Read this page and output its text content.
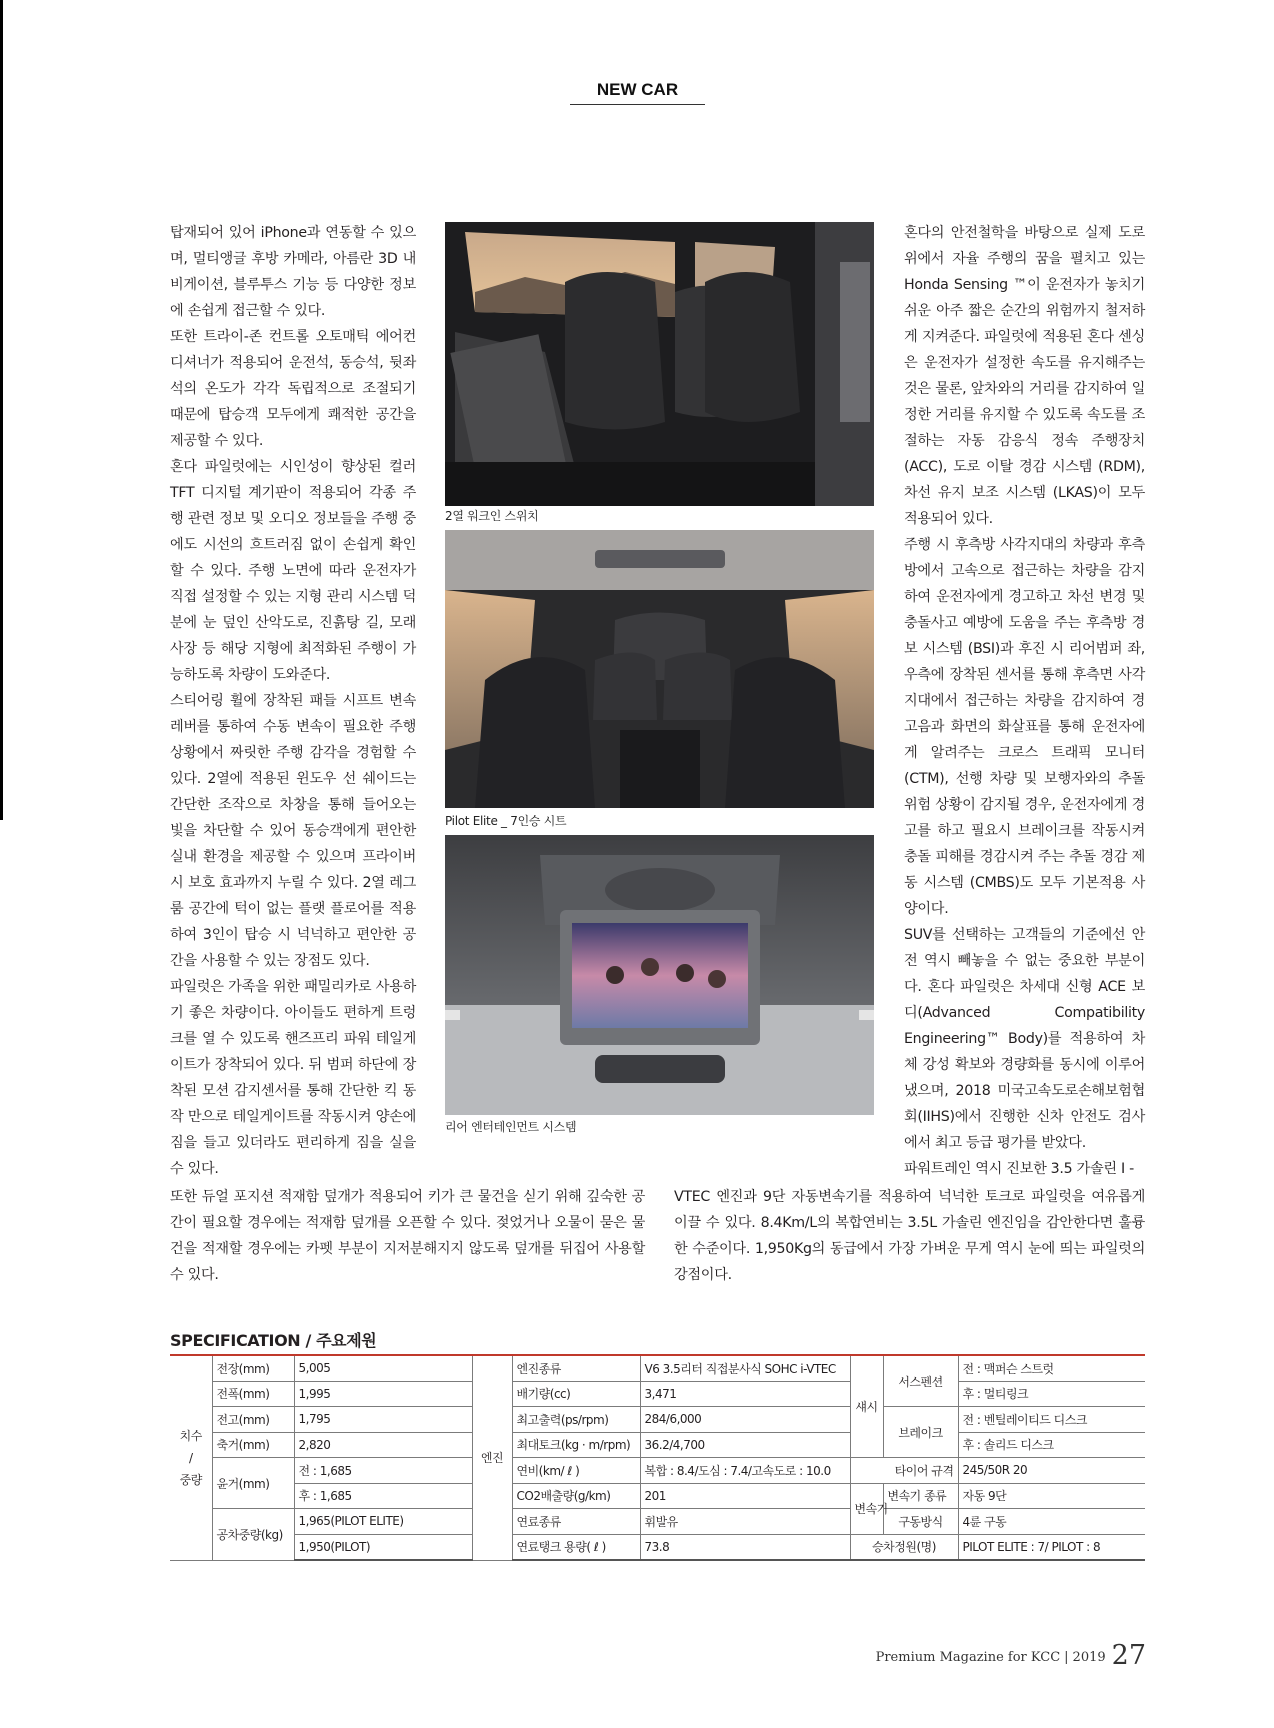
NEW CAR

탑재되어 있어 iPhone과 연동할 수 있으며, 멀티앵글 후방 카메라, 아름란 3D 내비게이션, 블루투스 기능 등 다양한 정보에 손쉽게 접근할 수 있다.

또한 트라이-존 컨트롤 오토매틱 에어컨디셔너가 적용되어 운전석, 동승석, 뒷좌석의 온도가 각각 독립적으로 조절되기 때문에 탑승객 모두에게 쾌적한 공간을 제공할 수 있다.

혼다 파일럿에는 시인성이 향상된 컬러 TFT 디지털 계기판이 적용되어 각종 주행 관련 정보 및 오디오 정보들을 주행 중에도 시선의 흐트러짐 없이 손쉽게 확인할 수 있다. 주행 노면에 따라 운전자가 직접 설정할 수 있는 지형 관리 시스템 덕분에 눈 덮인 산악도로, 진흙탕 길, 모래사장 등 해당 지형에 최적화된 주행이 가능하도록 차량이 도와준다.

스티어링 휠에 장착된 패들 시프트 변속레버를 통하여 수동 변속이 필요한 주행 상황에서 짜릿한 주행 감각을 경험할 수 있다. 2열에 적용된 윈도우 선 쉐이드는 간단한 조작으로 차창을 통해 들어오는 빛을 차단할 수 있어 동승객에게 편안한 실내 환경을 제공할 수 있으며 프라이버시 보호 효과까지 누릴 수 있다. 2열 레그룸 공간에 턱이 없는 플랫 플로어를 적용하여 3인이 탑승 시 넉넉하고 편안한 공간을 사용할 수 있는 장점도 있다.

파일럿은 가족을 위한 패밀리카로 사용하기 좋은 차량이다. 아이들도 편하게 트렁크를 열 수 있도록 핸즈프리 파워 테일게이트가 장착되어 있다. 뒤 범퍼 하단에 장착된 모션 감지센서를 통해 간단한 킥 동작 만으로 테일게이트를 작동시켜 양손에 짐을 들고 있더라도 편리하게 짐을 실을 수 있다.

2열 워크인 스위치
Pilot Elite _ 7인승 시트
리어 엔터테인먼트 시스템

혼다의 안전철학을 바탕으로 실제 도로 위에서 자율 주행의 꿈을 펼치고 있는 Honda Sensing ™이 운전자가 놓치기 쉬운 아주 짧은 순간의 위험까지 철저하게 지켜준다. 파일럿에 적용된 혼다 센싱은 운전자가 설정한 속도를 유지해주는 것은 물론, 앞차와의 거리를 감지하여 일정한 거리를 유지할 수 있도록 속도를 조절하는 자동 감응식 정속 주행장치 (ACC), 도로 이탈 경감 시스템 (RDM), 차선 유지 보조 시스템 (LKAS)이 모두 적용되어 있다.

주행 시 후측방 사각지대의 차량과 후측방에서 고속으로 접근하는 차량을 감지하여 운전자에게 경고하고 차선 변경 및 충돌사고 예방에 도움을 주는 후측방 경보 시스템 (BSI)과 후진 시 리어범퍼 좌, 우측에 장착된 센서를 통해 후측면 사각지대에서 접근하는 차량을 감지하여 경고음과 화면의 화살표를 통해 운전자에게 알려주는 크로스 트래픽 모니터(CTM), 선행 차량 및 보행자와의 추돌 위험 상황이 감지될 경우, 운전자에게 경고를 하고 필요시 브레이크를 작동시켜 충돌 피해를 경감시켜 주는 추돌 경감 제동 시스템 (CMBS)도 모두 기본적용 사양이다.

SUV를 선택하는 고객들의 기준에선 안전 역시 빼놓을 수 없는 중요한 부분이다. 혼다 파일럿은 차세대 신형 ACE 보디(Advanced Compatibility Engineering™ Body)를 적용하여 차체 강성 확보와 경량화를 동시에 이루어냈으며, 2018 미국고속도로손해보험협회(IIHS)에서 진행한 신차 안전도 검사에서 최고 등급 평가를 받았다.

파워트레인 역시 진보한 3.5 가솔린 I -

또한 듀얼 포지션 적재함 덮개가 적용되어 키가 큰 물건을 싣기 위해 깊숙한 공간이 필요할 경우에는 적재함 덮개를 오픈할 수 있다. 젖었거나 오물이 묻은 물건을 적재할 경우에는 카펫 부분이 지저분해지지 않도록 덮개를 뒤집어 사용할 수 있다.
VTEC 엔진과 9단 자동변속기를 적용하여 넉넉한 토크로 파일럿을 여유롭게 이끌 수 있다. 8.4Km/L의 복합연비는 3.5L 가솔린 엔진임을 감안한다면 훌륭한 수준이다. 1,950Kg의 동급에서 가장 가벼운 무게 역시 눈에 띄는 파일럿의 강점이다.
SPECIFICATION / 주요제원
치수
/
중량	전장(mm)	5,005	엔진	엔진종류	V6 3.5리터 직접분사식 SOHC i-VTEC	섀시	서스펜션	전 : 맥퍼슨 스트럿
	전폭(mm)	1,995		배기량(cc)	3,471			후 : 멀티링크
	전고(mm)	1,795		최고출력(ps/rpm)	284/6,000		브레이크	전 : 벤틸레이티드 디스크
	축거(mm)	2,820		최대토크(kg · m/rpm)	36.2/4,700			후 : 솔리드 디스크
	윤거(mm)	전 : 1,685		연비(km/ ℓ )	복합 : 8.4/도심 : 7.4/고속도로 : 10.0	타이어 규격		245/50R 20
		후 : 1,685		CO2배출량(g/km)	201	변속기	변속기 종류	자동 9단
	공차중량(kg)	1,965(PILOT ELITE)		연료종류	휘발유		구동방식	4륜 구동
		1,950(PILOT)		연료탱크 용량( ℓ )	73.8	승차정원(명)		PILOT ELITE : 7/ PILOT : 8
Premium Magazine for KCC | 2019 27
